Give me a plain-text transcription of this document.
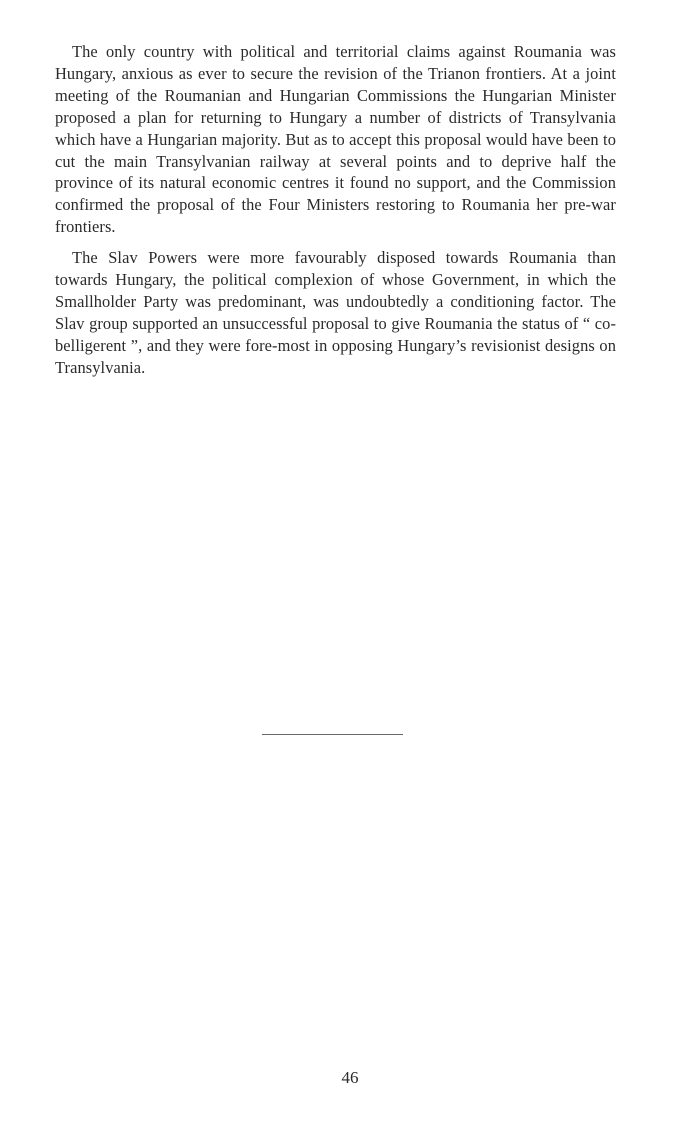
The only country with political and territorial claims against Roumania was Hungary, anxious as ever to secure the revision of the Trianon frontiers. At a joint meeting of the Roumanian and Hungarian Commissions the Hungarian Minister proposed a plan for returning to Hungary a number of districts of Transylvania which have a Hungarian majority. But as to accept this proposal would have been to cut the main Transylvanian railway at several points and to deprive half the province of its natural economic centres it found no support, and the Commission confirmed the proposal of the Four Ministers restoring to Roumania her pre-war frontiers.

The Slav Powers were more favourably disposed towards Roumania than towards Hungary, the political complexion of whose Government, in which the Smallholder Party was predominant, was undoubtedly a conditioning factor. The Slav group supported an unsuccessful proposal to give Roumania the status of “ co-belligerent ”, and they were fore-most in opposing Hungary’s revisionist designs on Transylvania.

46
